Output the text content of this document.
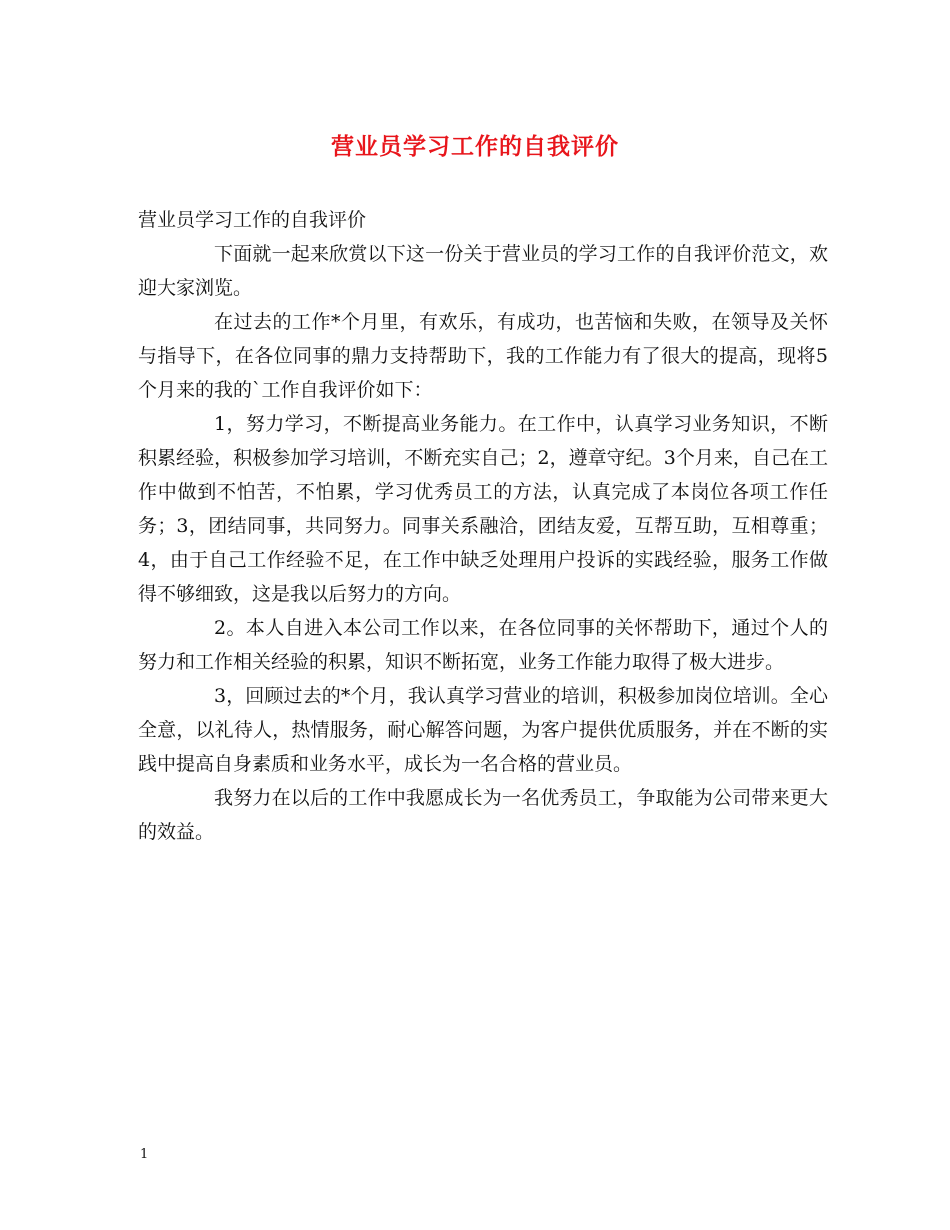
营业员学习工作的自我评价

营业员学习工作的自我评价

下面就一起来欣赏以下这一份关于营业员的学习工作的自我评价范文，欢迎大家浏览。

在过去的工作*个月里，有欢乐，有成功，也苦恼和失败，在领导及关怀与指导下，在各位同事的鼎力支持帮助下，我的工作能力有了很大的提高，现将5个月来的我的`工作自我评价如下：

1，努力学习，不断提高业务能力。在工作中，认真学习业务知识，不断积累经验，积极参加学习培训，不断充实自己；2，遵章守纪。3个月来，自己在工作中做到不怕苦，不怕累，学习优秀员工的方法，认真完成了本岗位各项工作任务；3，团结同事，共同努力。同事关系融洽，团结友爱，互帮互助，互相尊重；4，由于自己工作经验不足，在工作中缺乏处理用户投诉的实践经验，服务工作做得不够细致，这是我以后努力的方向。

2。本人自进入本公司工作以来，在各位同事的关怀帮助下，通过个人的努力和工作相关经验的积累，知识不断拓宽，业务工作能力取得了极大进步。

3，回顾过去的*个月，我认真学习营业的培训，积极参加岗位培训。全心全意，以礼待人，热情服务，耐心解答问题，为客户提供优质服务，并在不断的实践中提高自身素质和业务水平，成长为一名合格的营业员。

我努力在以后的工作中我愿成长为一名优秀员工，争取能为公司带来更大的效益。

1
